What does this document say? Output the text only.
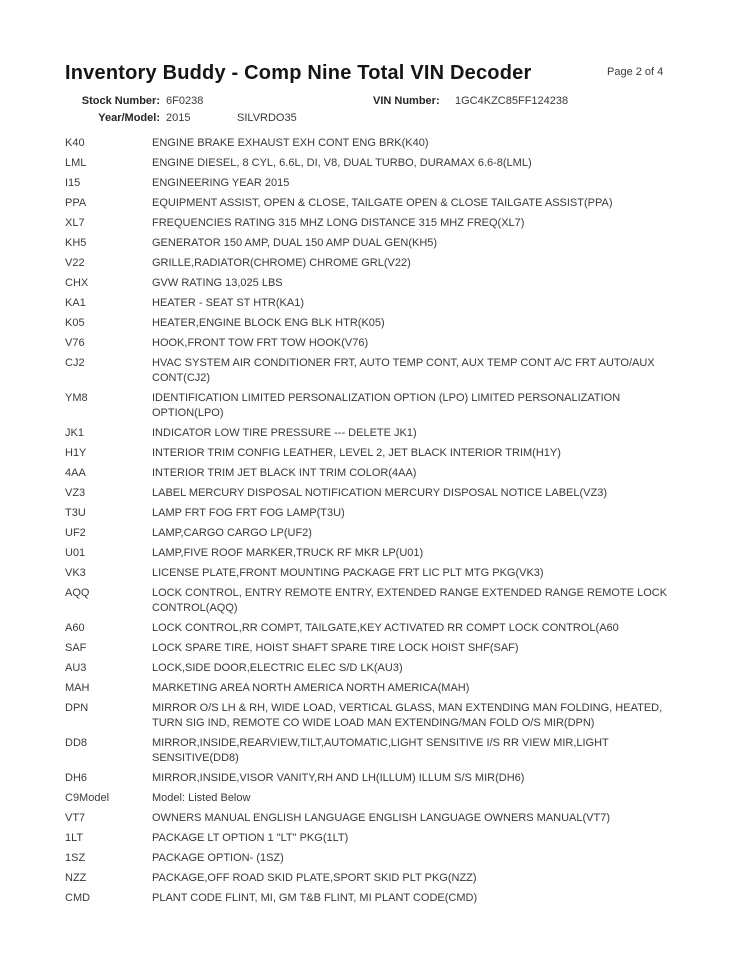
Inventory Buddy - Comp Nine Total VIN Decoder	Page 2 of 4
Stock Number: 6F0238	VIN Number: 1GC4KZC85FF124238
Year/Model: 2015	SILVRDO35
K40	ENGINE BRAKE EXHAUST EXH CONT ENG BRK(K40)
LML	ENGINE DIESEL, 8 CYL, 6.6L, DI, V8, DUAL TURBO, DURAMAX 6.6-8(LML)
I15	ENGINEERING YEAR 2015
PPA	EQUIPMENT ASSIST, OPEN & CLOSE, TAILGATE OPEN & CLOSE TAILGATE ASSIST(PPA)
XL7	FREQUENCIES RATING 315 MHZ LONG DISTANCE 315 MHZ FREQ(XL7)
KH5	GENERATOR 150 AMP, DUAL 150 AMP DUAL GEN(KH5)
V22	GRILLE,RADIATOR(CHROME) CHROME GRL(V22)
CHX	GVW RATING 13,025 LBS
KA1	HEATER - SEAT ST HTR(KA1)
K05	HEATER,ENGINE BLOCK ENG BLK HTR(K05)
V76	HOOK,FRONT TOW FRT TOW HOOK(V76)
CJ2	HVAC SYSTEM AIR CONDITIONER FRT, AUTO TEMP CONT, AUX TEMP CONT A/C FRT AUTO/AUX CONT(CJ2)
YM8	IDENTIFICATION LIMITED PERSONALIZATION OPTION (LPO) LIMITED PERSONALIZATION OPTION(LPO)
JK1	INDICATOR LOW TIRE PRESSURE --- DELETE JK1)
H1Y	INTERIOR TRIM CONFIG LEATHER, LEVEL 2, JET BLACK INTERIOR TRIM(H1Y)
4AA	INTERIOR TRIM JET BLACK INT TRIM COLOR(4AA)
VZ3	LABEL MERCURY DISPOSAL NOTIFICATION MERCURY DISPOSAL NOTICE LABEL(VZ3)
T3U	LAMP FRT FOG FRT FOG LAMP(T3U)
UF2	LAMP,CARGO CARGO LP(UF2)
U01	LAMP,FIVE ROOF MARKER,TRUCK RF MKR LP(U01)
VK3	LICENSE PLATE,FRONT MOUNTING PACKAGE FRT LIC PLT MTG PKG(VK3)
AQQ	LOCK CONTROL, ENTRY REMOTE ENTRY, EXTENDED RANGE EXTENDED RANGE REMOTE LOCK CONTROL(AQQ)
A60	LOCK CONTROL,RR COMPT, TAILGATE,KEY ACTIVATED RR COMPT LOCK CONTROL(A60
SAF	LOCK SPARE TIRE, HOIST SHAFT SPARE TIRE LOCK HOIST SHF(SAF)
AU3	LOCK,SIDE DOOR,ELECTRIC ELEC S/D LK(AU3)
MAH	MARKETING AREA NORTH AMERICA NORTH AMERICA(MAH)
DPN	MIRROR O/S LH & RH, WIDE LOAD, VERTICAL GLASS, MAN EXTENDING MAN FOLDING, HEATED, TURN SIG IND, REMOTE CO WIDE LOAD MAN EXTENDING/MAN FOLD O/S MIR(DPN)
DD8	MIRROR,INSIDE,REARVIEW,TILT,AUTOMATIC,LIGHT SENSITIVE I/S RR VIEW MIR,LIGHT SENSITIVE(DD8)
DH6	MIRROR,INSIDE,VISOR VANITY,RH AND LH(ILLUM) ILLUM S/S MIR(DH6)
C9Model	Model: Listed Below
VT7	OWNERS MANUAL ENGLISH LANGUAGE ENGLISH LANGUAGE OWNERS MANUAL(VT7)
1LT	PACKAGE LT OPTION 1 "LT" PKG(1LT)
1SZ	PACKAGE OPTION- (1SZ)
NZZ	PACKAGE,OFF ROAD SKID PLATE,SPORT SKID PLT PKG(NZZ)
CMD	PLANT CODE FLINT, MI, GM T&B FLINT, MI PLANT CODE(CMD)
